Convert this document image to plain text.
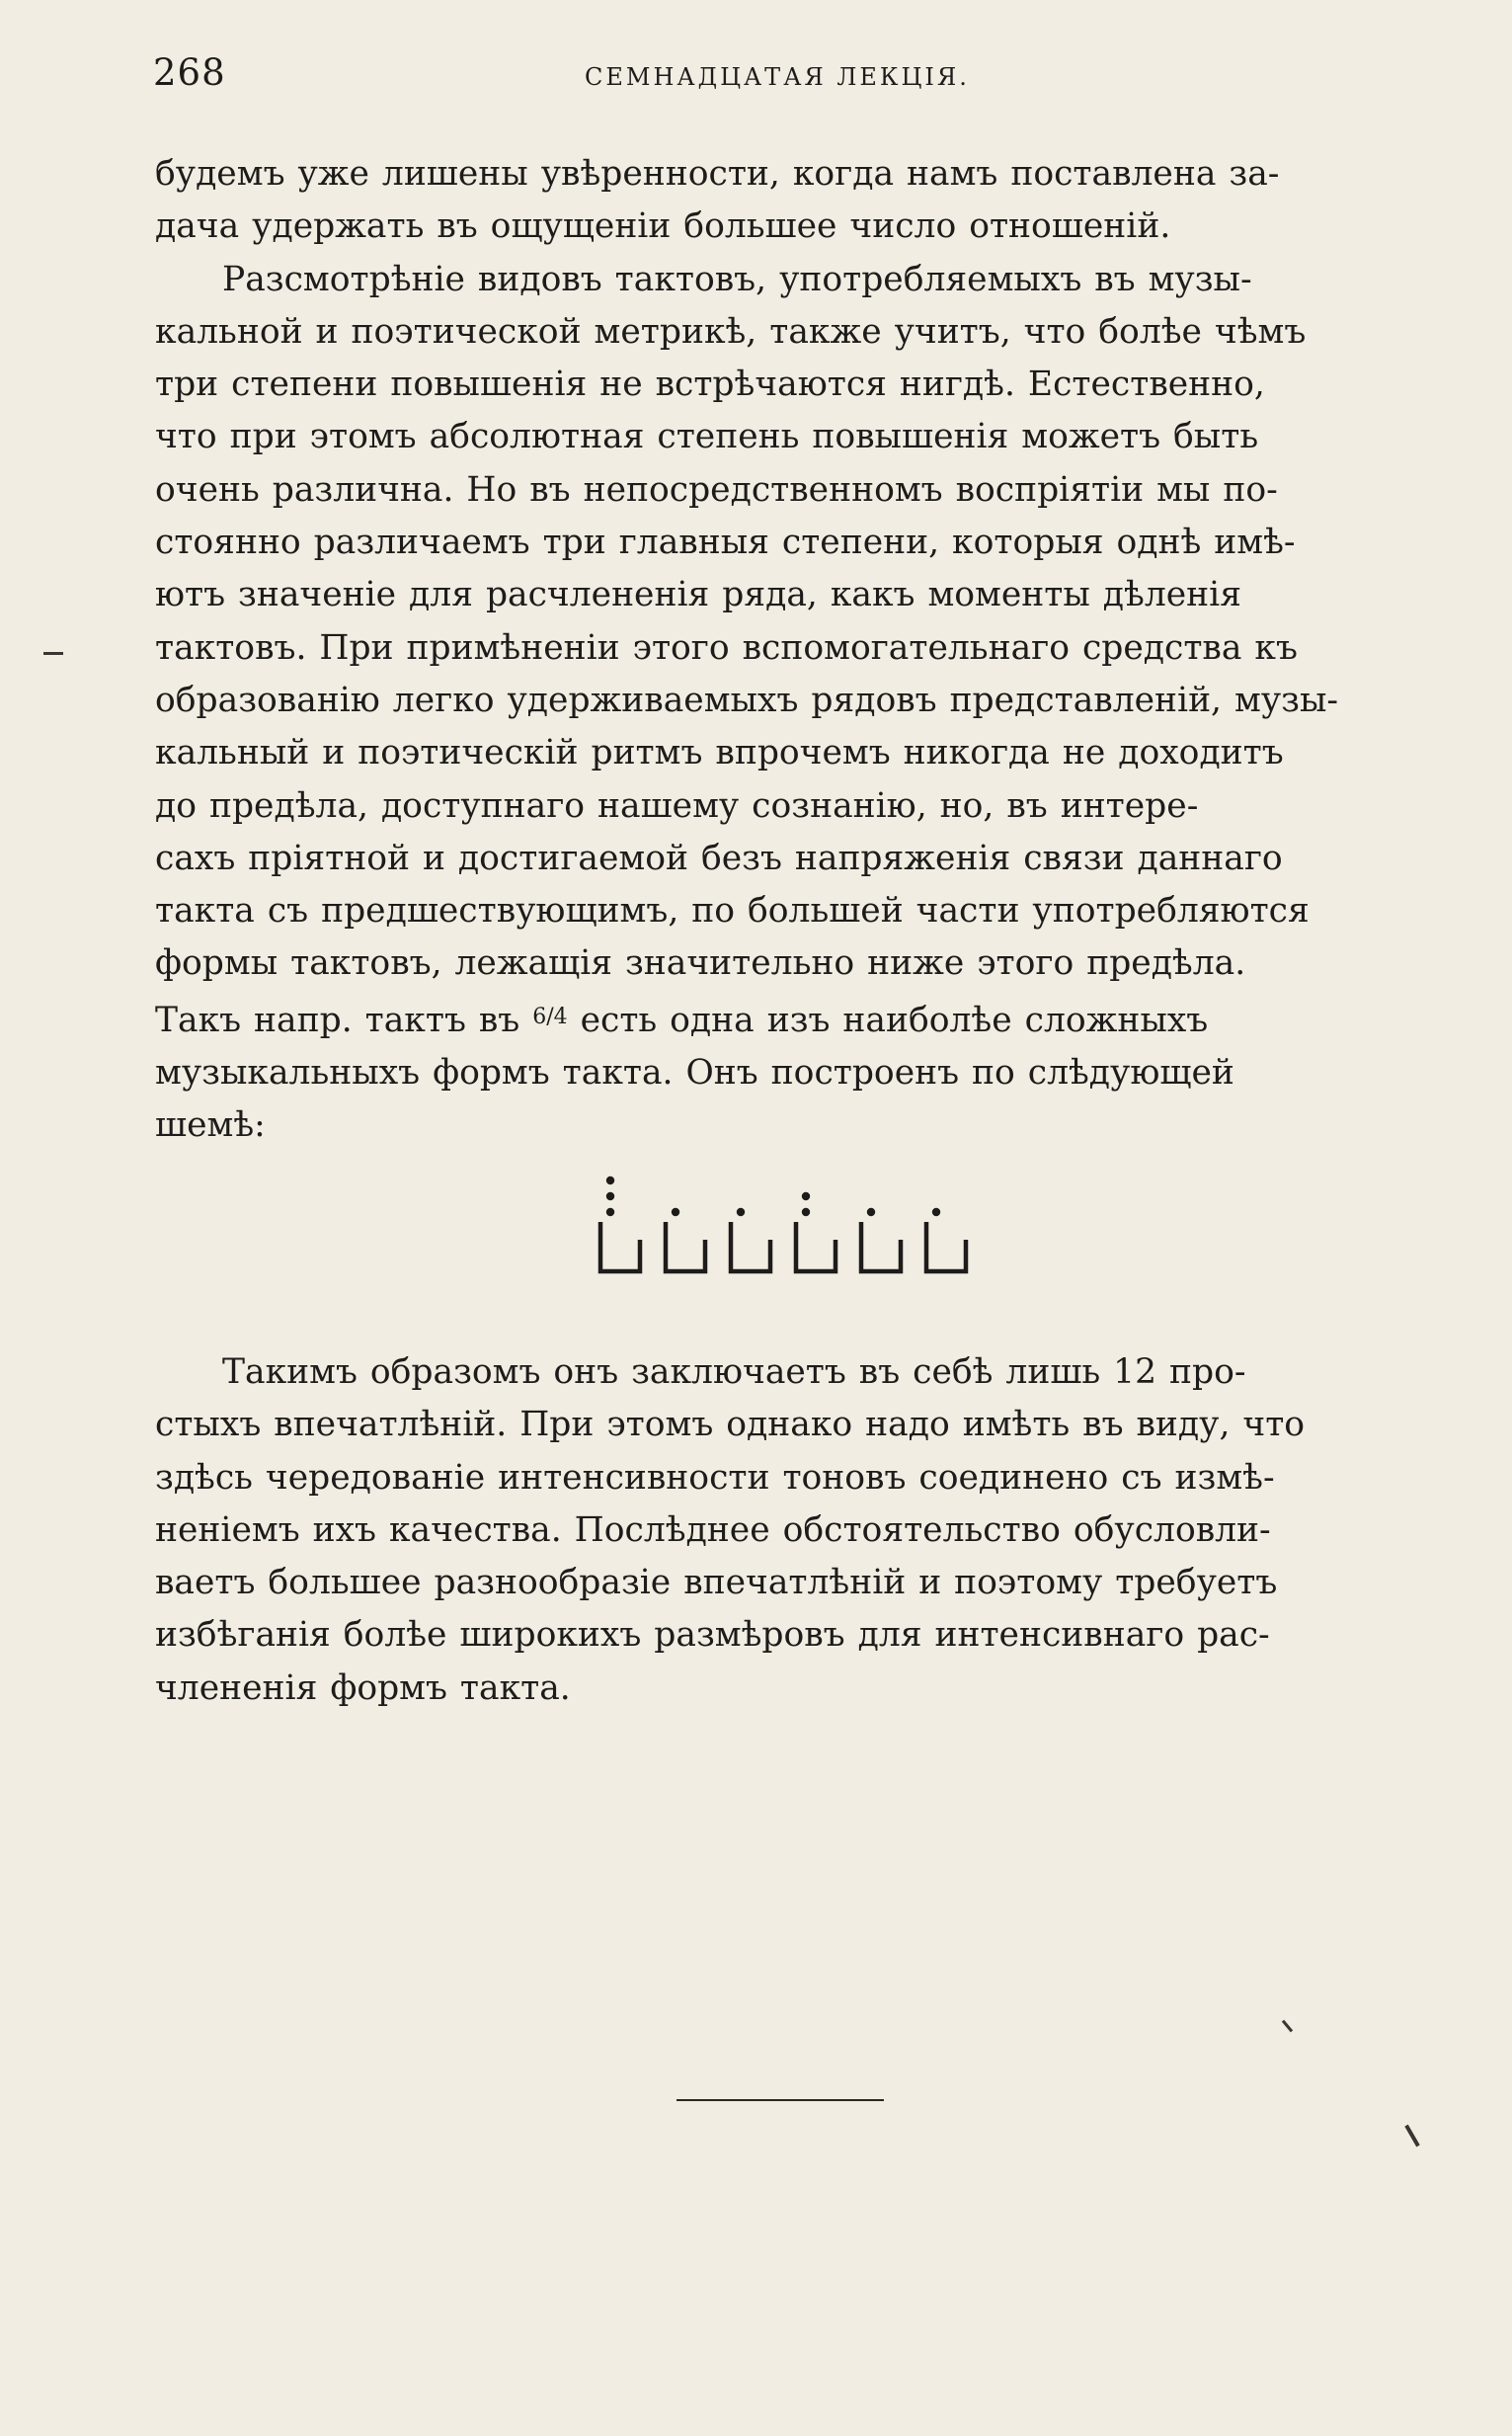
268	СЕМНАДЦАТАЯ ЛЕКЦІЯ.

будемъ уже лишены увѣренности, когда намъ поставлена за-

дача удержать въ ощущеніи большее число отношеній.

Разсмотрѣніе видовъ тактовъ, употребляемыхъ въ музы-

кальной и поэтической метрикѣ, также учитъ, что болѣе чѣмъ

три степени повышенія не встрѣчаются нигдѣ. Естественно,

что при этомъ абсолютная степень повышенія можетъ быть

очень различна. Но въ непосредственномъ воспріятіи мы по-

стоянно различаемъ три главныя степени, которыя однѣ имѣ-

ютъ значеніе для расчлененія ряда, какъ моменты дѣленія

тактовъ. При примѣненіи этого вспомогательнаго средства къ

образованію легко удерживаемыхъ рядовъ представленій, музы-

кальный и поэтическій ритмъ впрочемъ никогда не доходитъ

до предѣла, доступнаго нашему сознанію, но, въ интере-

сахъ пріятной и достигаемой безъ напряженія связи даннаго

такта съ предшествующимъ, по большей части употребляются

формы тактовъ, лежащія значительно ниже этого предѣла.

Такъ напр. тактъ въ $^{6/4}$ есть одна изъ наиболѣе сложныхъ

музыкальныхъ формъ такта. Онъ построенъ по слѣдующей

шемѣ:

Такимъ образомъ онъ заключаетъ въ себѣ лишь 12 про-

стыхъ впечатлѣній. При этомъ однако надо имѣть въ виду, что

здѣсь чередованіе интенсивности тоновъ соединено съ измѣ-

неніемъ ихъ качества. Послѣднее обстоятельство обусловли-

ваетъ большее разнообразіе впечатлѣній и поэтому требуетъ

избѣганія болѣе широкихъ размѣровъ для интенсивнаго рас-

члененія формъ такта.
